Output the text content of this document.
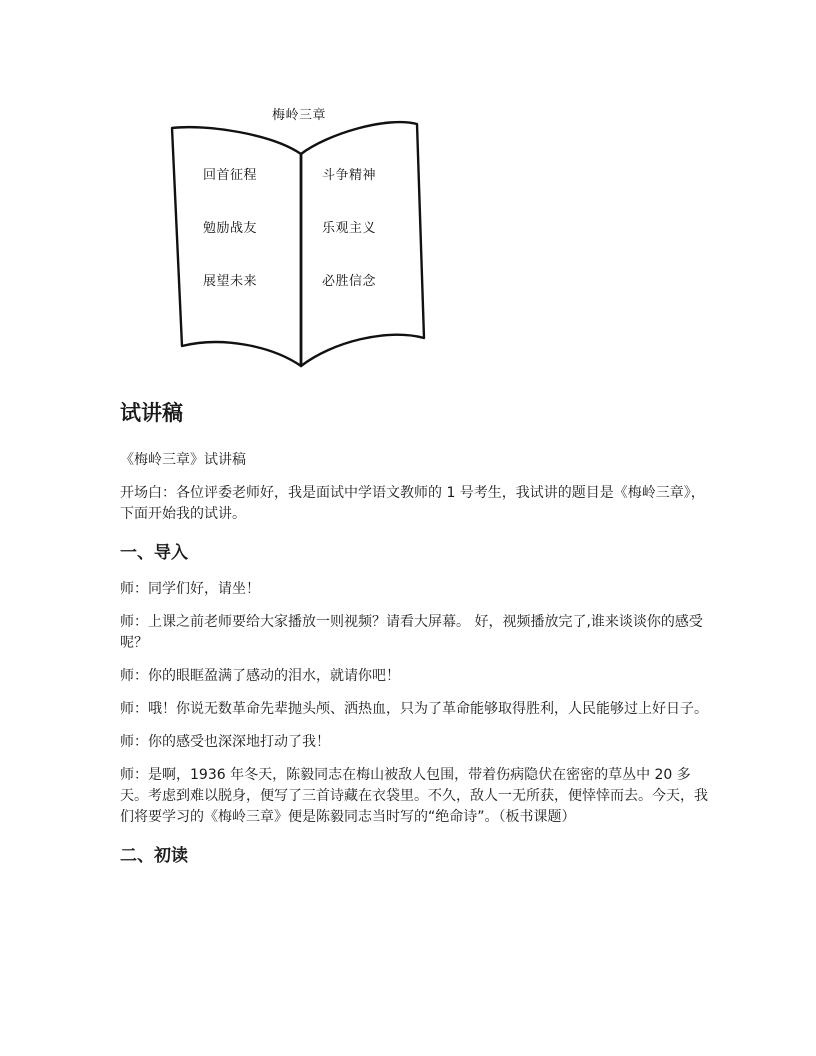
梅岭三章
回首征程
勉励战友
展望未来
斗争精神
乐观主义
必胜信念
试讲稿

《梅岭三章》试讲稿

开场白：各位评委老师好，我是面试中学语文教师的 1 号考生，我试讲的题目是《梅岭三章》，下面开始我的试讲。

一、导入

师：同学们好，请坐！

师：上课之前老师要给大家播放一则视频？请看大屏幕。 好，视频播放完了,谁来谈谈你的感受呢？

师：你的眼眶盈满了感动的泪水，就请你吧！

师：哦！你说无数革命先辈抛头颅、洒热血，只为了革命能够取得胜利，人民能够过上好日子。

师：你的感受也深深地打动了我！

师：是啊，1936 年冬天，陈毅同志在梅山被敌人包围，带着伤病隐伏在密密的草丛中 20 多天。考虑到难以脱身，便写了三首诗藏在衣袋里。不久，敌人一无所获，便悻悻而去。今天，我们将要学习的《梅岭三章》便是陈毅同志当时写的“绝命诗”。（板书课题）

二、初读
